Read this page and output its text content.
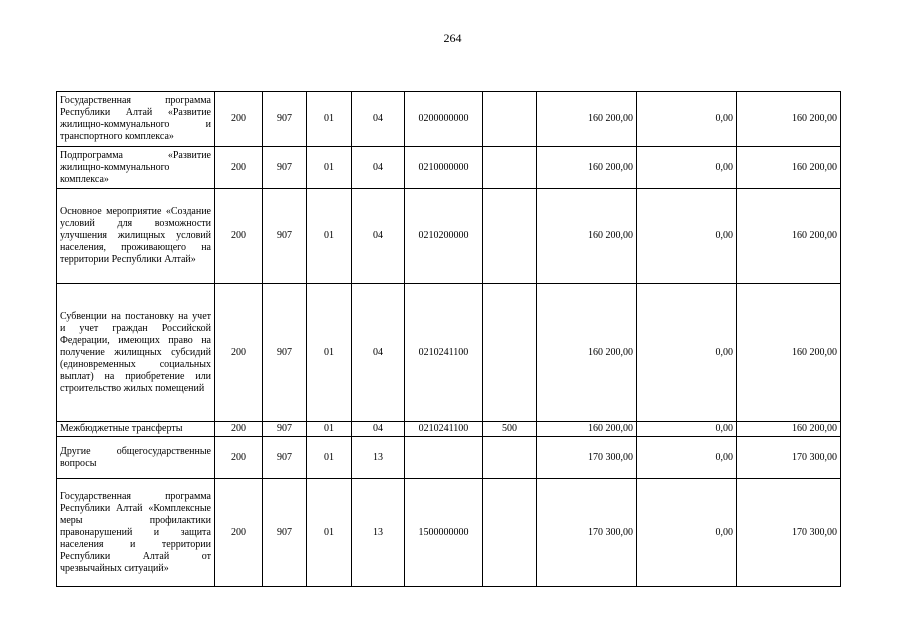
264
Государственная программа Республики Алтай «Развитие жилищно-коммунального и транспортного комплекса»	200	907	01	04	0200000000		160 200,00	0,00	160 200,00
Подпрограмма «Развитие жилищно-коммунального комплекса»	200	907	01	04	0210000000		160 200,00	0,00	160 200,00
Основное мероприятие «Создание условий для возможности улучшения жилищных условий населения, проживающего на территории Республики Алтай»	200	907	01	04	0210200000		160 200,00	0,00	160 200,00
Субвенции на постановку на учет и учет граждан Российской Федерации, имеющих право на получение жилищных субсидий (единовременных социальных выплат) на приобретение или строительство жилых помещений	200	907	01	04	0210241100		160 200,00	0,00	160 200,00
Межбюджетные трансферты	200	907	01	04	0210241100	500	160 200,00	0,00	160 200,00
Другие общегосударственные вопросы	200	907	01	13			170 300,00	0,00	170 300,00
Государственная программа Республики Алтай «Комплексные меры профилактики правонарушений и защита населения и территории Республики Алтай от чрезвычайных ситуаций»	200	907	01	13	1500000000		170 300,00	0,00	170 300,00
